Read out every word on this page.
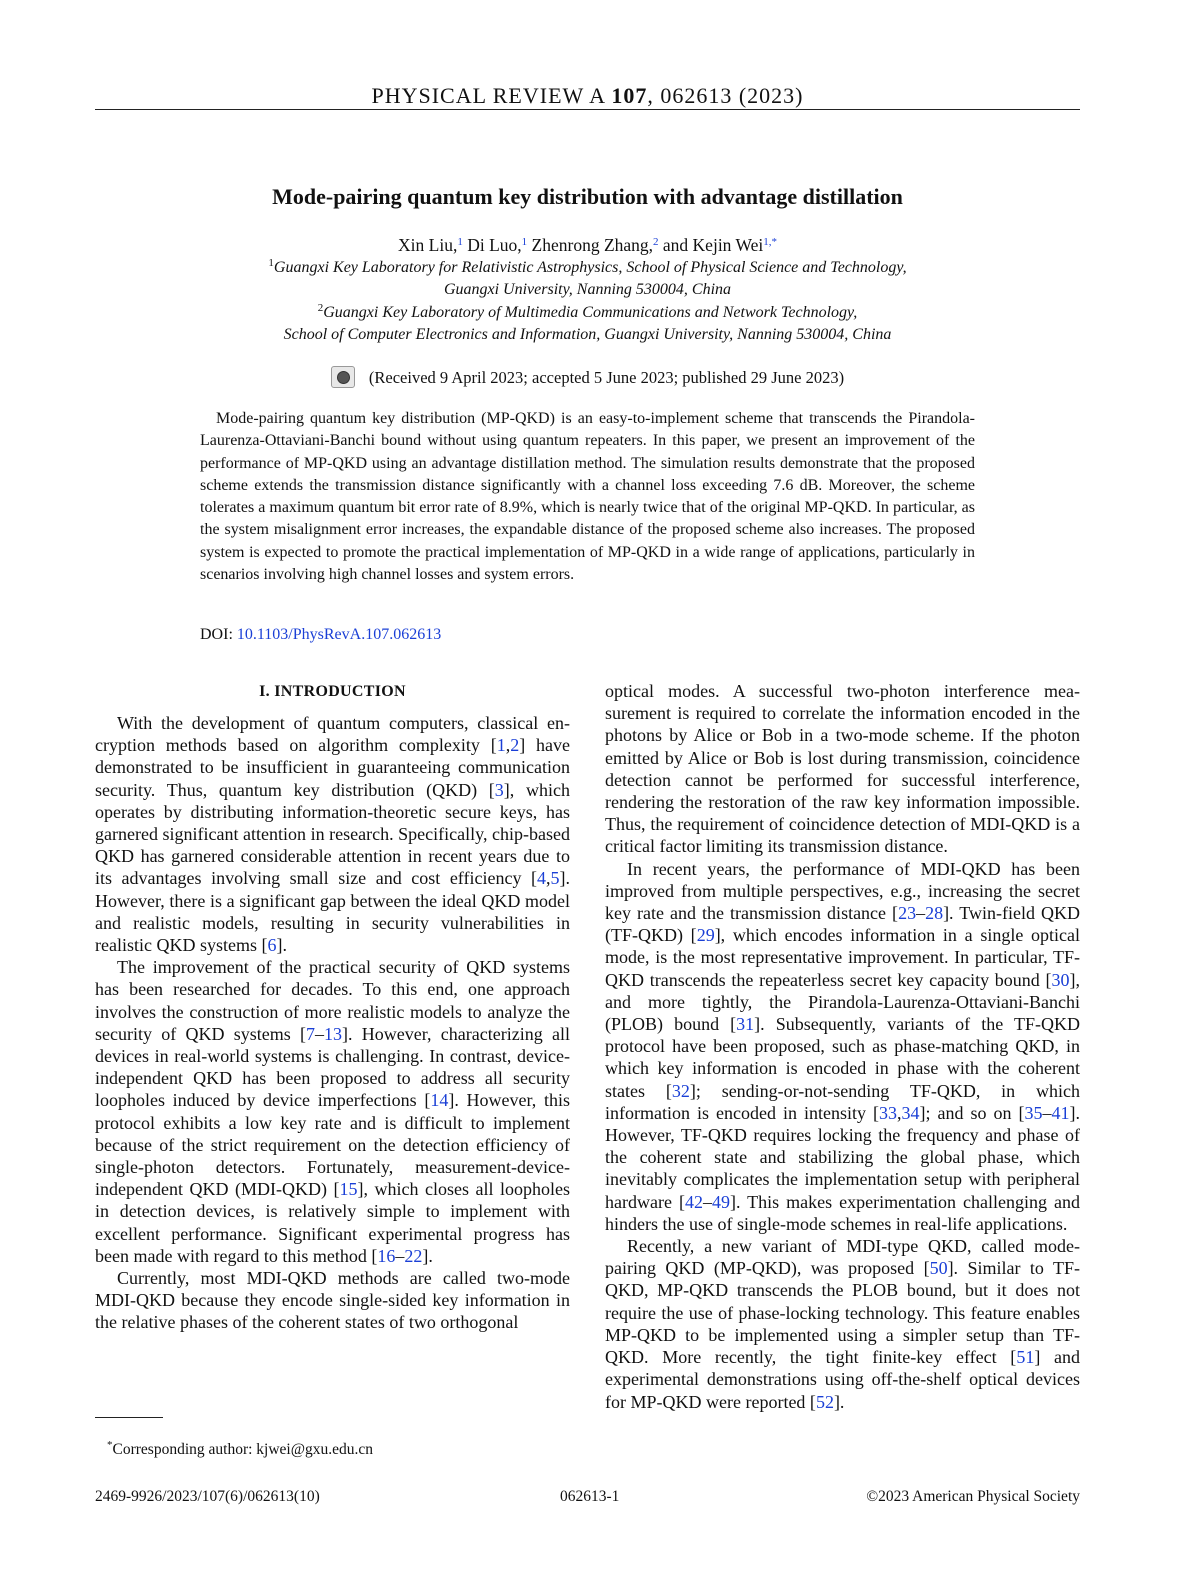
PHYSICAL REVIEW A 107, 062613 (2023)
Mode-pairing quantum key distribution with advantage distillation
Xin Liu,$^1$ Di Luo,$^1$ Zhenrong Zhang,$^2$ and Kejin Wei$^{1,*}$
$^1$Guangxi Key Laboratory for Relativistic Astrophysics, School of Physical Science and Technology,
Guangxi University, Nanning 530004, China
$^2$Guangxi Key Laboratory of Multimedia Communications and Network Technology,
School of Computer Electronics and Information, Guangxi University, Nanning 530004, China
(Received 9 April 2023; accepted 5 June 2023; published 29 June 2023)

Mode-pairing quantum key distribution (MP-QKD) is an easy-to-implement scheme that transcends the Pirandola-Laurenza-Ottaviani-Banchi bound without using quantum repeaters. In this paper, we present an improvement of the performance of MP-QKD using an advantage distillation method. The simulation results demonstrate that the proposed scheme extends the transmission distance significantly with a channel loss exceeding 7.6 dB. Moreover, the scheme tolerates a maximum quantum bit error rate of 8.9%, which is nearly twice that of the original MP-QKD. In particular, as the system misalignment error increases, the expandable distance of the proposed scheme also increases. The proposed system is expected to promote the practical implementation of MP-QKD in a wide range of applications, particularly in scenarios involving high channel losses and system errors.

DOI: 10.1103/PhysRevA.107.062613
I. INTRODUCTION

With the development of quantum computers, classical encryption methods based on algorithm complexity [1,2] have demonstrated to be insufficient in guaranteeing communication security. Thus, quantum key distribution (QKD) [3], which operates by distributing information-theoretic secure keys, has garnered significant attention in research. Specifically, chip-based QKD has garnered considerable attention in recent years due to its advantages involving small size and cost efficiency [4,5]. However, there is a significant gap between the ideal QKD model and realistic models, resulting in security vulnerabilities in realistic QKD systems [6].

The improvement of the practical security of QKD systems has been researched for decades. To this end, one approach involves the construction of more realistic models to analyze the security of QKD systems [7–13]. However, characterizing all devices in real-world systems is challenging. In contrast, device-independent QKD has been proposed to address all security loopholes induced by device imperfections [14]. However, this protocol exhibits a low key rate and is difficult to implement because of the strict requirement on the detection efficiency of single-photon detectors. Fortunately, measurement-device-independent QKD (MDI-QKD) [15], which closes all loopholes in detection devices, is relatively simple to implement with excellent performance. Significant experimental progress has been made with regard to this method [16–22].

Currently, most MDI-QKD methods are called two-mode MDI-QKD because they encode single-sided key information in the relative phases of the coherent states of two orthogonal

optical modes. A successful two-photon interference measurement is required to correlate the information encoded in the photons by Alice or Bob in a two-mode scheme. If the photon emitted by Alice or Bob is lost during transmission, coincidence detection cannot be performed for successful interference, rendering the restoration of the raw key information impossible. Thus, the requirement of coincidence detection of MDI-QKD is a critical factor limiting its transmission distance.

In recent years, the performance of MDI-QKD has been improved from multiple perspectives, e.g., increasing the secret key rate and the transmission distance [23–28]. Twin-field QKD (TF-QKD) [29], which encodes information in a single optical mode, is the most representative improvement. In particular, TF-QKD transcends the repeaterless secret key capacity bound [30], and more tightly, the Pirandola-Laurenza-Ottaviani-Banchi (PLOB) bound [31]. Subsequently, variants of the TF-QKD protocol have been proposed, such as phase-matching QKD, in which key information is encoded in phase with the coherent states [32]; sending-or-not-sending TF-QKD, in which information is encoded in intensity [33,34]; and so on [35–41]. However, TF-QKD requires locking the frequency and phase of the coherent state and stabilizing the global phase, which inevitably complicates the implementation setup with peripheral hardware [42–49]. This makes experimentation challenging and hinders the use of single-mode schemes in real-life applications.

Recently, a new variant of MDI-type QKD, called mode-pairing QKD (MP-QKD), was proposed [50]. Similar to TF-QKD, MP-QKD transcends the PLOB bound, but it does not require the use of phase-locking technology. This feature enables MP-QKD to be implemented using a simpler setup than TF-QKD. More recently, the tight finite-key effect [51] and experimental demonstrations using off-the-shelf optical devices for MP-QKD were reported [52].

*Corresponding author: kjwei@gxu.edu.cn
2469-9926/2023/107(6)/062613(10)	062613-1	©2023 American Physical Society
